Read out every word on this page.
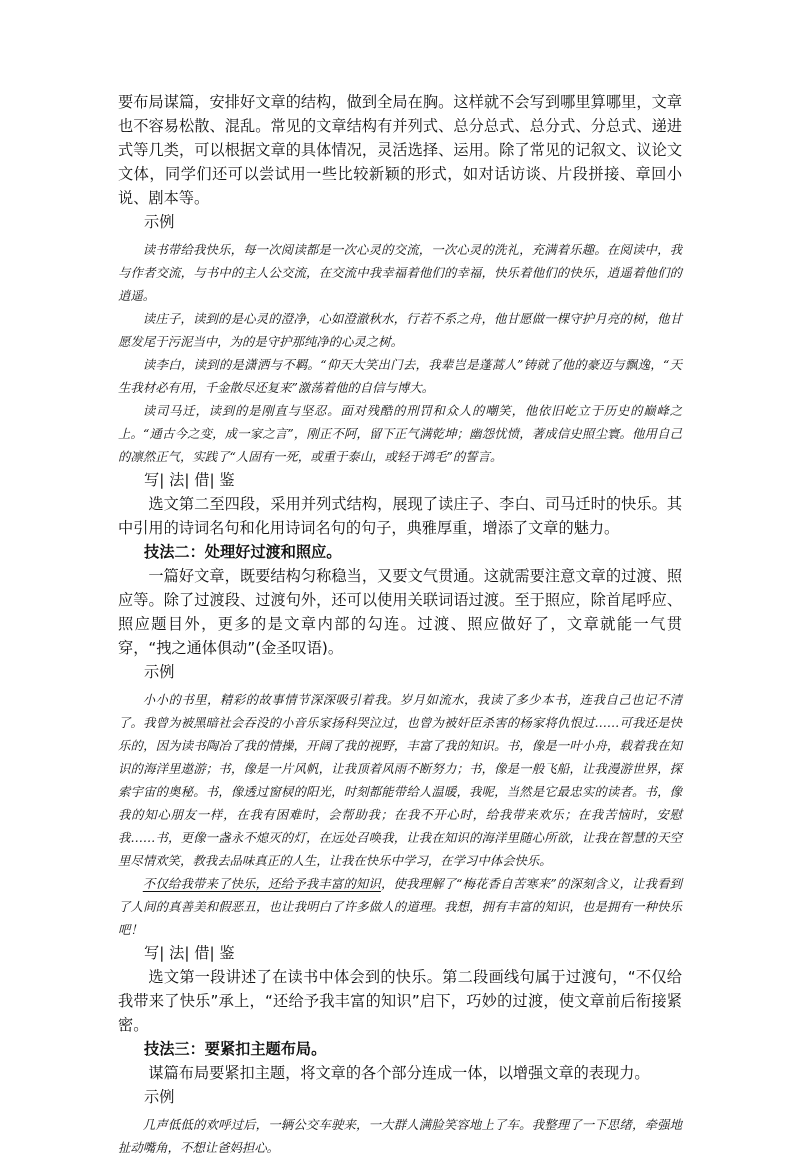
要布局谋篇，安排好文章的结构，做到全局在胸。这样就不会写到哪里算哪里，文章也不容易松散、混乱。常见的文章结构有并列式、总分总式、总分式、分总式、递进式等几类，可以根据文章的具体情况，灵活选择、运用。除了常见的记叙文、议论文文体，同学们还可以尝试用一些比较新颖的形式，如对话访谈、片段拼接、章回小说、剧本等。

示例

读书带给我快乐，每一次阅读都是一次心灵的交流，一次心灵的洗礼，充满着乐趣。在阅读中，我与作者交流，与书中的主人公交流，在交流中我幸福着他们的幸福，快乐着他们的快乐，逍遥着他们的逍遥。

读庄子，读到的是心灵的澄净，心如澄澈秋水，行若不系之舟，他甘愿做一棵守护月亮的树，他甘愿发尾于污泥当中，为的是守护那纯净的心灵之树。

读李白，读到的是潇洒与不羁。“仰天大笑出门去，我辈岂是蓬蒿人”铸就了他的豪迈与飘逸，“天生我材必有用，千金散尽还复来”激荡着他的自信与博大。

读司马迁，读到的是刚直与坚忍。面对残酷的刑罚和众人的嘲笑，他依旧屹立于历史的巅峰之上。“通古今之变，成一家之言”，刚正不阿，留下正气满乾坤；幽怨忧愤，著成信史照尘寰。他用自己的凛然正气，实践了“人固有一死，或重于泰山，或轻于鸿毛”的誓言。

写| 法| 借| 鉴

选文第二至四段，采用并列式结构，展现了读庄子、李白、司马迁时的快乐。其中引用的诗词名句和化用诗词名句的句子，典雅厚重，增添了文章的魅力。

技法二：处理好过渡和照应。

一篇好文章，既要结构匀称稳当，又要文气贯通。这就需要注意文章的过渡、照应等。除了过渡段、过渡句外，还可以使用关联词语过渡。至于照应，除首尾呼应、照应题目外，更多的是文章内部的勾连。过渡、照应做好了，文章就能一气贯穿，“拽之通体俱动”(金圣叹语)。

示例

小小的书里，精彩的故事情节深深吸引着我。岁月如流水，我读了多少本书，连我自己也记不清了。我曾为被黑暗社会吞没的小音乐家扬科哭泣过，也曾为被奸臣杀害的杨家将仇恨过……可我还是快乐的，因为读书陶冶了我的情操，开阔了我的视野，丰富了我的知识。书，像是一叶小舟，载着我在知识的海洋里遨游；书，像是一片风帆，让我顶着风雨不断努力；书，像是一般飞船，让我漫游世界，探索宇宙的奥秘。书，像透过窗棂的阳光，时刻都能带给人温暖，我呢，当然是它最忠实的读者。书，像我的知心朋友一样，在我有困难时，会帮助我；在我不开心时，给我带来欢乐；在我苦恼时，安慰我……书，更像一盏永不熄灭的灯，在远处召唤我，让我在知识的海洋里随心所欲，让我在智慧的天空里尽情欢笑，教我去品味真正的人生，让我在快乐中学习，在学习中体会快乐。

不仅给我带来了快乐，还给予我丰富的知识，使我理解了“梅花香自苦寒来”的深刻含义，让我看到了人间的真善美和假恶丑，也让我明白了许多做人的道理。我想，拥有丰富的知识，也是拥有一种快乐吧！

写| 法| 借| 鉴

选文第一段讲述了在读书中体会到的快乐。第二段画线句属于过渡句，“不仅给我带来了快乐”承上，“还给予我丰富的知识”启下，巧妙的过渡，使文章前后衔接紧密。

技法三：要紧扣主题布局。

谋篇布局要紧扣主题，将文章的各个部分连成一体，以增强文章的表现力。

示例

几声低低的欢呼过后，一辆公交车驶来，一大群人满脸笑容地上了车。我整理了一下思绪，牵强地扯动嘴角，不想让爸妈担心。
